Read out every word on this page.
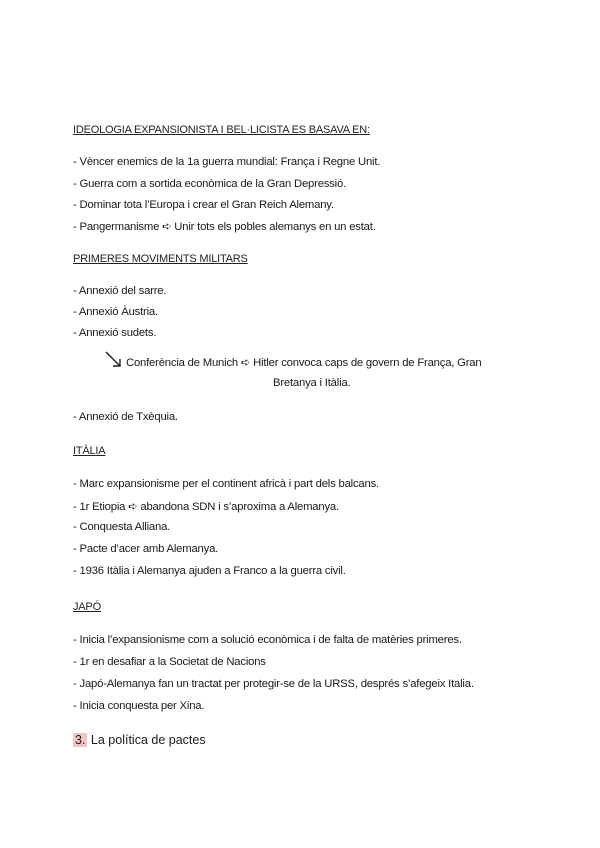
IDEOLOGIA EXPANSIONISTA I BEL·LICISTA ES BASAVA EN:
- Vèncer enemics de la 1a guerra mundial: França i Regne Unit.
- Guerra com a sortida econòmica de la Gran Depressió.
- Dominar tota l’Europa i crear el Gran Reich Alemany.
- Pangermanisme ➪ Unir tots els pobles alemanys en un estat.
PRIMERES MOVIMENTS MILITARS
- Annexió del sarre.
- Annexió Àustria.
- Annexió sudets.
Conferència de Munich ➪ Hitler convoca caps de govern de França, Gran
Bretanya i Itàlia.
- Annexió de Txèquia.
ITÀLIA
- Marc expansionisme per el continent africà i part dels balcans.
- 1r Etiopia ➪ abandona SDN i s’aproxima a Alemanya.
- Conquesta Alliana.
- Pacte d’acer amb Alemanya.
- 1936 Itàlia i Alemanya ajuden a Franco a la guerra civil.
JAPÓ
- Inicia l’expansionisme com a solució econòmica i de falta de matèries primeres.
- 1r en desafiar a la Societat de Nacions
- Japó-Alemanya fan un tractat per protegir-se de la URSS, després s’afegeix Italia.
- Inicia conquesta per Xina.
3. La política de pactes
